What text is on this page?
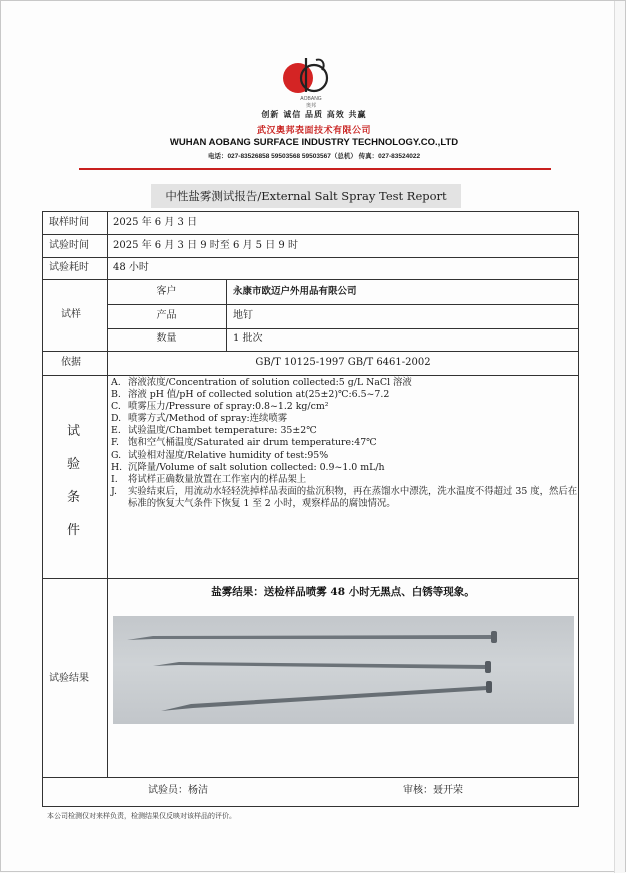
AOBANG
奥邦
创新 诚信 品质 高效 共赢
武汉奥邦表面技术有限公司
WUHAN AOBANG SURFACE INDUSTRY TECHNOLOGY.CO.,LTD
电话：027-83526858 59503568 59503567（总机） 传真：027-83524022
中性盐雾测试报告/External Salt Spray Test Report
取样时间 2025 年 6 月 3 日
试验时间 2025 年 6 月 3 日 9 时至 6 月 5 日 9 时
试验耗时 48 小时
试样
客户	永康市欧迈户外用品有限公司
产品	地钉
数量	1 批次
依据	GB/T 10125-1997 GB/T 6461-2002
试
验
条
件
A. 溶液浓度/Concentration of solution collected:5 g/L NaCl 溶液
B. 溶液 pH 值/pH of collected solution at(25±2)℃:6.5~7.2
C. 喷雾压力/Pressure of spray:0.8~1.2 kg/cm²
D. 喷雾方式/Method of spray:连续喷雾
E. 试验温度/Chambet temperature: 35±2℃
F. 饱和空气桶温度/Saturated air drum temperature:47℃
G. 试验相对湿度/Relative humidity of test:95%
H. 沉降量/Volume of salt solution collected: 0.9~1.0 mL/h
I. 将试样正确数量放置在工作室内的样品架上
J. 实验结束后，用流动水轻轻洗掉样品表面的盐沉积物，再在蒸馏水中漂洗，洗水温度不得超过 35 度，然后在标准的恢复大气条件下恢复 1 至 2 小时，观察样品的腐蚀情况。
试验结果
盐雾结果：送检样品喷雾 48 小时无黑点、白锈等现象。
试验员：杨洁	审核：聂开荣
本公司检测仅对来样负责，检测结果仅反映对该样品的评价。
